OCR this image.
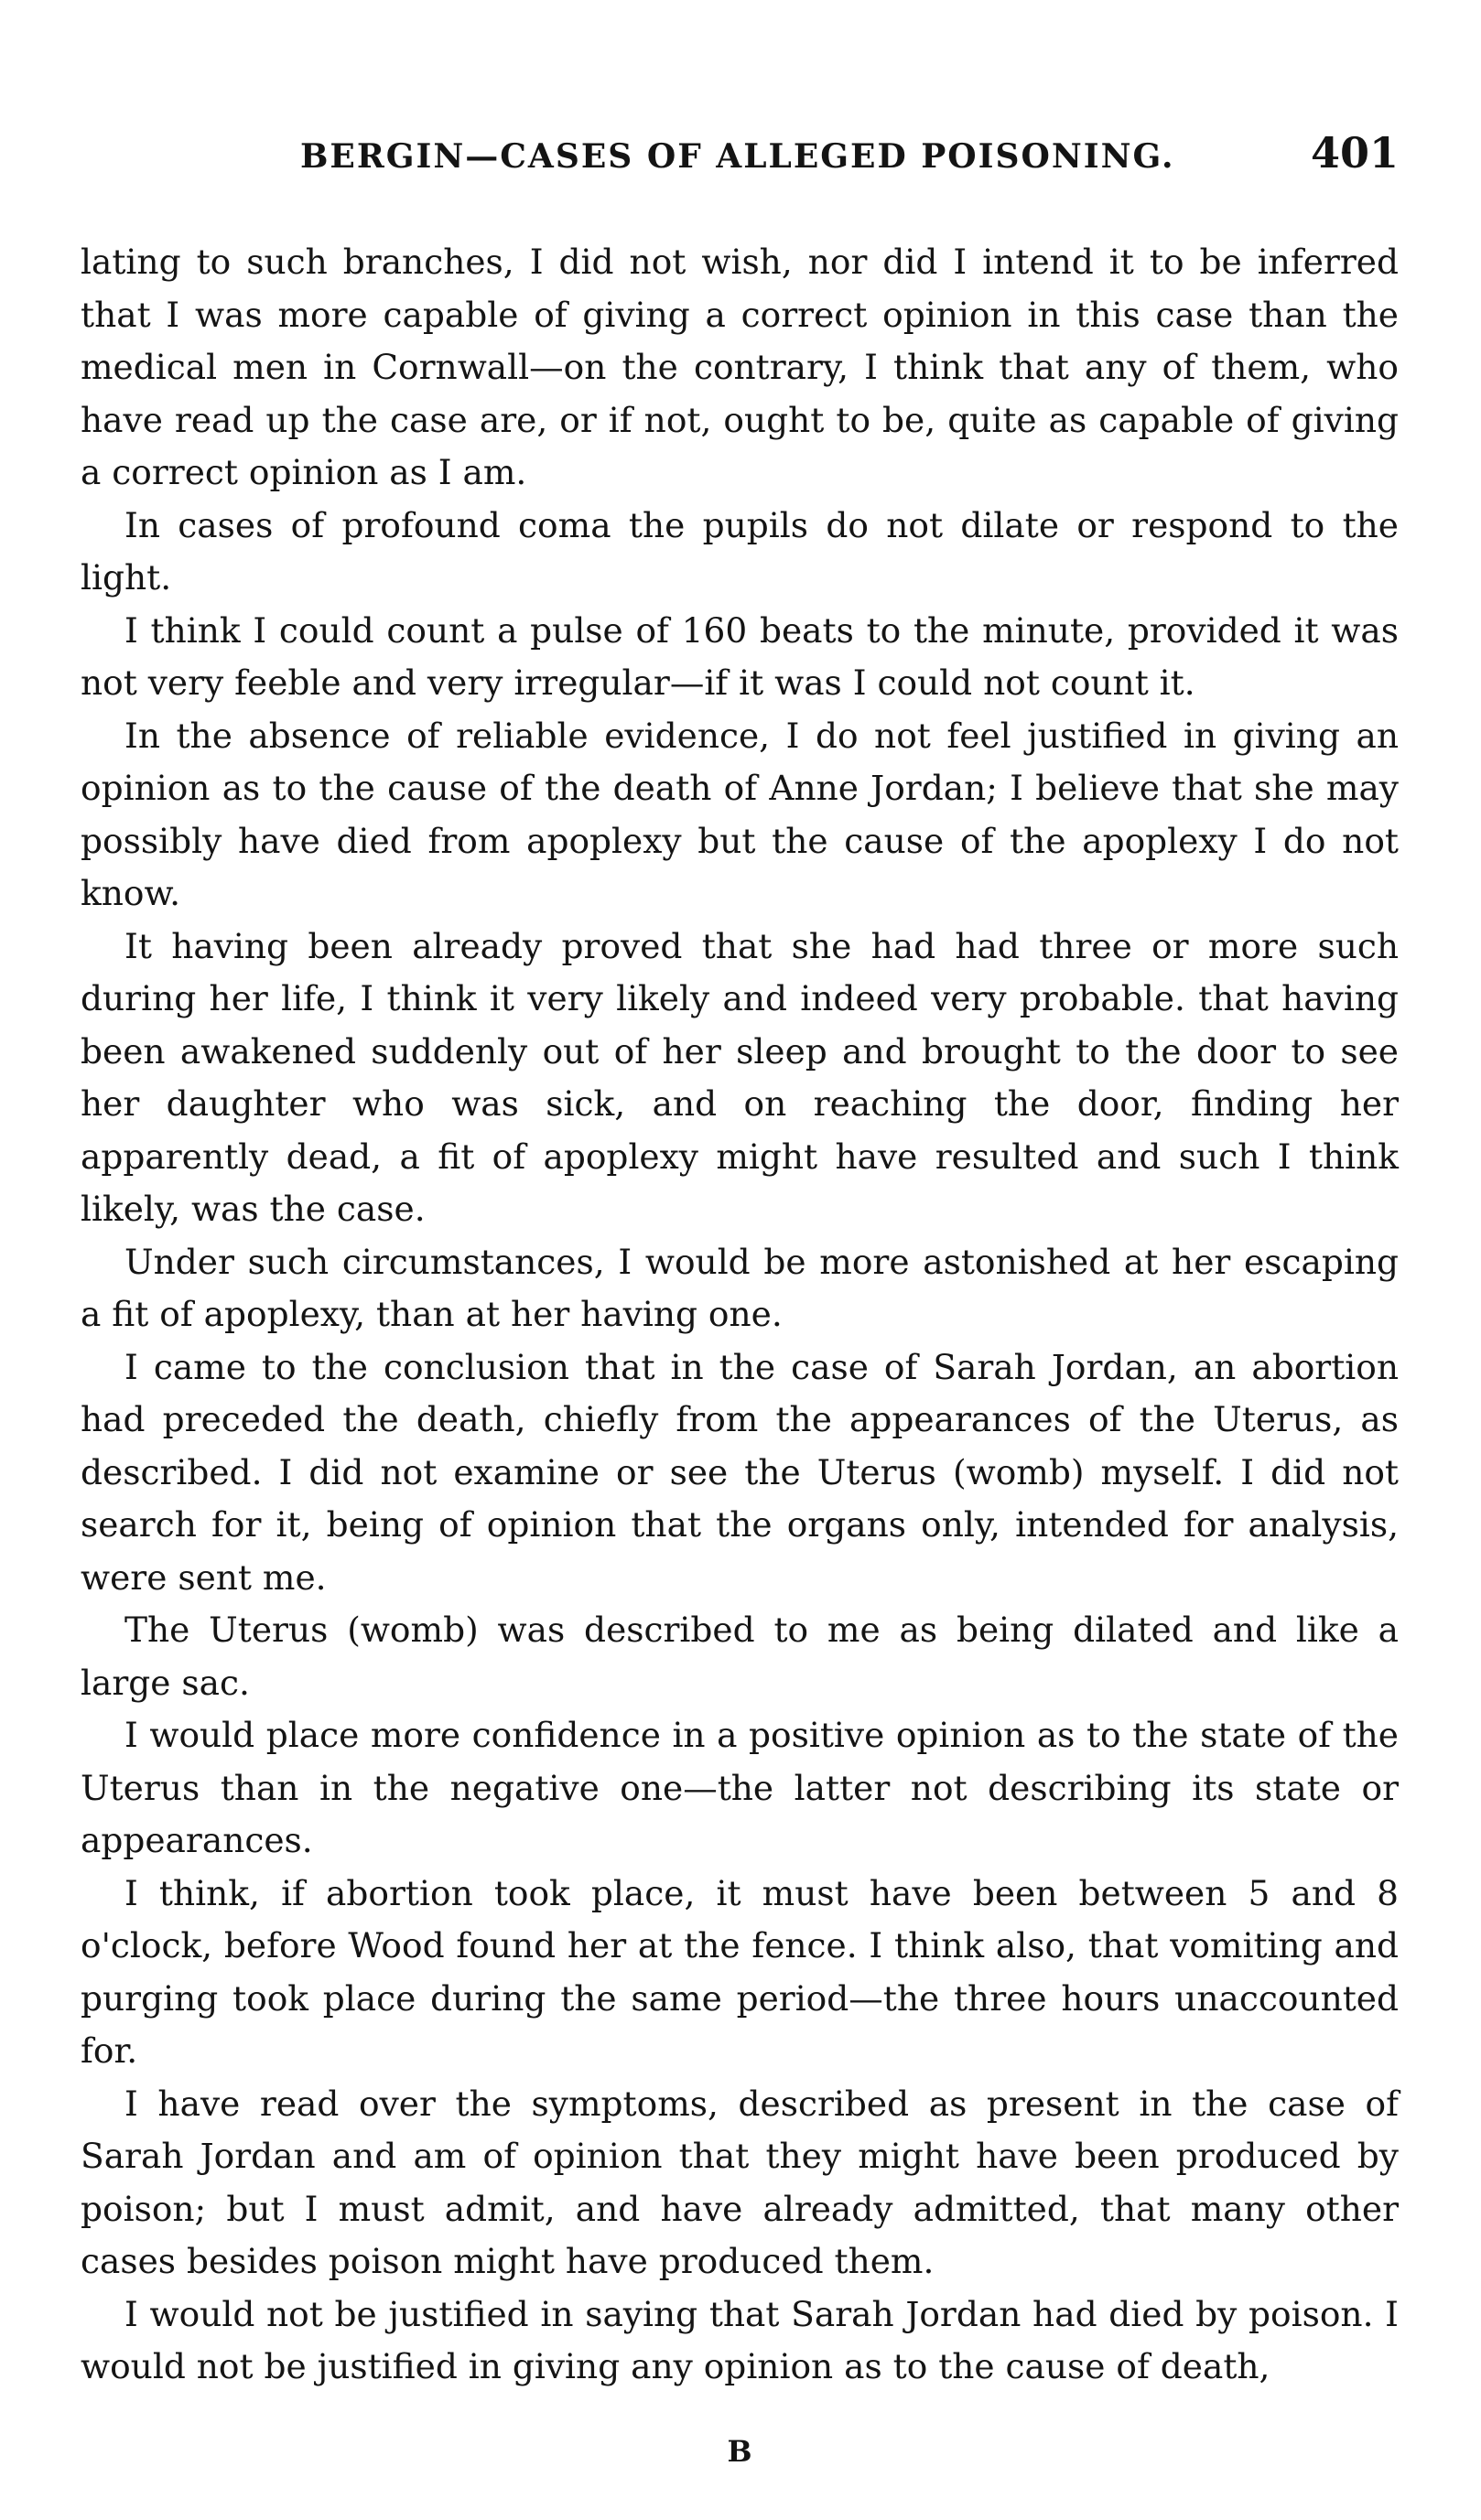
BERGIN—CASES OF ALLEGED POISONING.	401

lating to such branches, I did not wish, nor did I intend it to be inferred that I was more capable of giving a correct opinion in this case than the medical men in Cornwall—on the contrary, I think that any of them, who have read up the case are, or if not, ought to be, quite as capable of giving a correct opinion as I am.

In cases of profound coma the pupils do not dilate or respond to the light.

I think I could count a pulse of 160 beats to the minute, provided it was not very feeble and very irregular—if it was I could not count it.

In the absence of reliable evidence, I do not feel justified in giving an opinion as to the cause of the death of Anne Jordan; I believe that she may possibly have died from apoplexy but the cause of the apoplexy I do not know.

It having been already proved that she had had three or more such during her life, I think it very likely and indeed very probable. that having been awakened suddenly out of her sleep and brought to the door to see her daughter who was sick, and on reaching the door, finding her apparently dead, a fit of apoplexy might have resulted and such I think likely, was the case.

Under such circumstances, I would be more astonished at her escaping a fit of apoplexy, than at her having one.

I came to the conclusion that in the case of Sarah Jordan, an abortion had preceded the death, chiefly from the appearances of the Uterus, as described. I did not examine or see the Uterus (womb) myself. I did not search for it, being of opinion that the organs only, intended for analysis, were sent me.

The Uterus (womb) was described to me as being dilated and like a large sac.

I would place more confidence in a positive opinion as to the state of the Uterus than in the negative one—the latter not describing its state or appearances.

I think, if abortion took place, it must have been between 5 and 8 o'clock, before Wood found her at the fence. I think also, that vomiting and purging took place during the same period—the three hours unaccounted for.

I have read over the symptoms, described as present in the case of Sarah Jordan and am of opinion that they might have been produced by poison; but I must admit, and have already admitted, that many other cases besides poison might have produced them.

I would not be justified in saying that Sarah Jordan had died by poison. I would not be justified in giving any opinion as to the cause of death,

B
